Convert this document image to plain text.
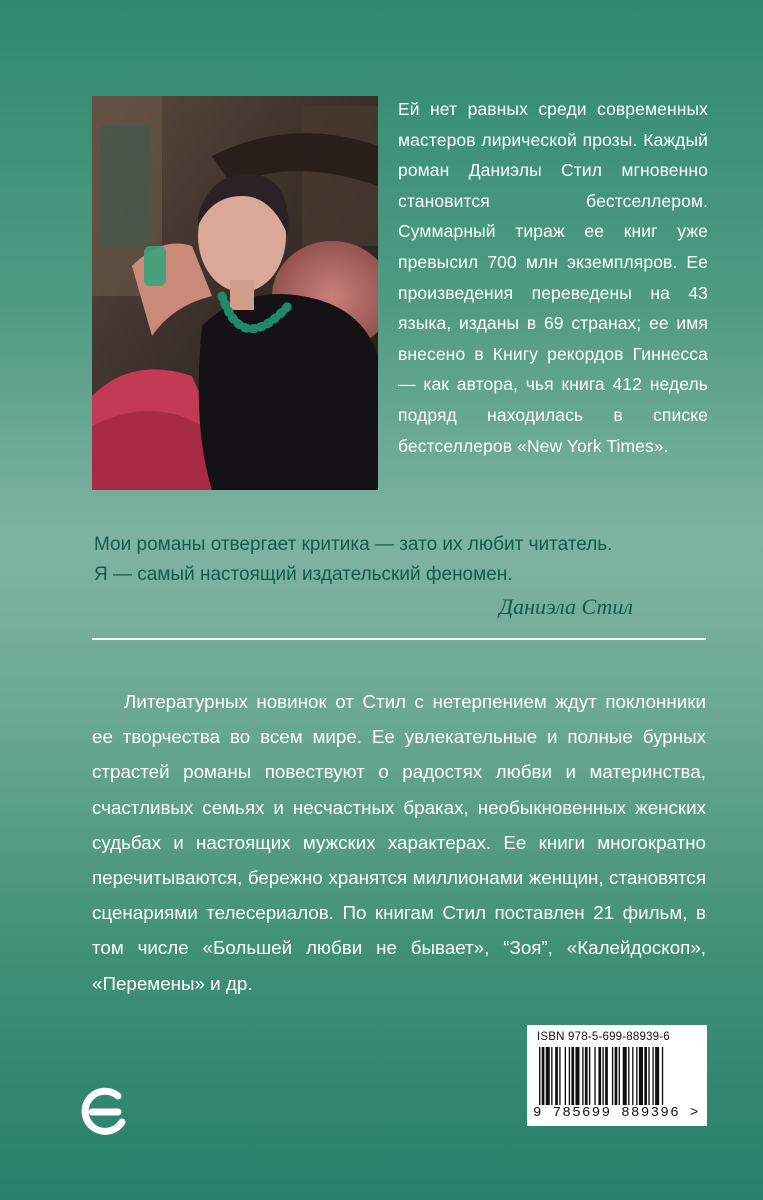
Ей нет равных среди современных мастеров лирической прозы. Каждый роман Даниэлы Стил мгновенно становится бестселлером. Суммарный тираж ее книг уже превысил 700 млн экземпляров. Ее произведения переведены на 43 языка, изданы в 69 странах; ее имя внесено в Книгу рекордов Гиннесса — как автора, чья книга 412 недель подряд находилась в списке бестселлеров «New York Times».
Мои романы отвергает критика — зато их любит читатель.
Я — самый настоящий издательский феномен.
Даниэла Стил
Литературных новинок от Стил с нетерпением ждут поклонники ее творчества во всем мире. Ее увлекательные и полные бурных страстей романы повествуют о радостях любви и материнства, счастливых семьях и несчастных браках, необыкновенных женских судьбах и настоящих мужских характерах. Ее книги многократно перечитываются, бережно хранятся миллионами женщин, становятся сценариями телесериалов. По книгам Стил поставлен 21 фильм, в том числе «Большей любви не бывает», “Зоя”, «Калейдоскоп», «Перемены» и др.
ISBN 978-5-699-88939-6
9 785699 889396 >
